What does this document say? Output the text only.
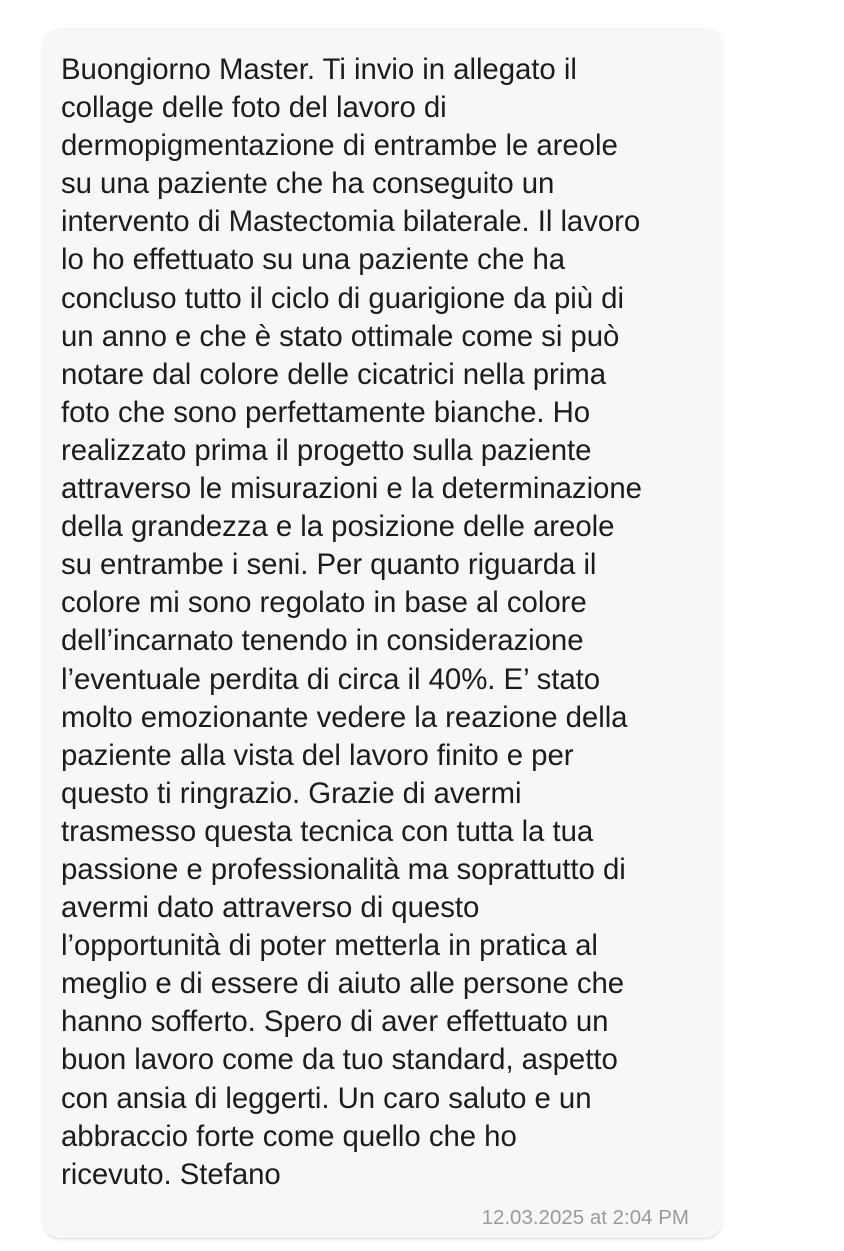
Buongiorno Master. Ti invio in allegato il
collage delle foto del lavoro di
dermopigmentazione di entrambe le areole
su una paziente che ha conseguito un
intervento di Mastectomia bilaterale. Il lavoro
lo ho effettuato su una paziente che ha
concluso tutto il ciclo di guarigione da più di
un anno e che è stato ottimale come si può
notare dal colore delle cicatrici nella prima
foto che sono perfettamente bianche. Ho
realizzato prima il progetto sulla paziente
attraverso le misurazioni e la determinazione
della grandezza e la posizione delle areole
su entrambe i seni. Per quanto riguarda il
colore mi sono regolato in base al colore
dell’incarnato tenendo in considerazione
l’eventuale perdita di circa il 40%. E’ stato
molto emozionante vedere la reazione della
paziente alla vista del lavoro finito e per
questo ti ringrazio. Grazie di avermi
trasmesso questa tecnica con tutta la tua
passione e professionalità ma soprattutto di
avermi dato attraverso di questo
l’opportunità di poter metterla in pratica al
meglio e di essere di aiuto alle persone che
hanno sofferto. Spero di aver effettuato un
buon lavoro come da tuo standard, aspetto
con ansia di leggerti. Un caro saluto e un
abbraccio forte come quello che ho
ricevuto. Stefano
12.03.2025 at 2:04 PM
